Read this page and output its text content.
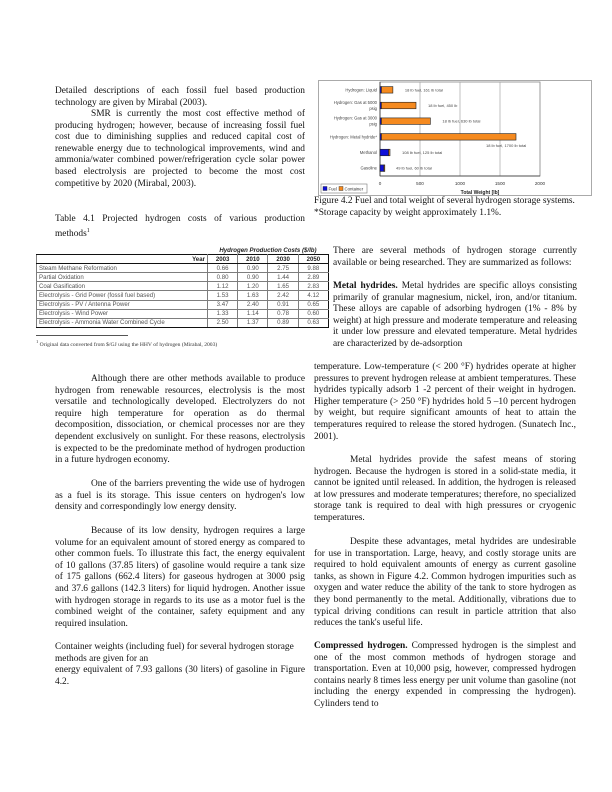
Detailed descriptions of each fossil fuel based production technology are given by Mirabal (2003).
SMR is currently the most cost effective method of producing hydrogen; however, because of increasing fossil fuel cost due to diminishing supplies and reduced capital cost of renewable energy due to technological improvements, wind and ammonia/water combined power/refrigeration cycle solar power based electrolysis are projected to become the most cost competitive by 2020 (Mirabal, 2003).
Table 4.1 Projected hydrogen costs of various production methods$^1$
	Hydrogen Production Costs ($/lb)			
Year	2003	2010	2030	2050
Steam Methane Reformation	0.66	0.90	2.75	9.88
Partial Oxidation	0.80	0.90	1.44	2.89
Coal Gasification	1.12	1.20	1.65	2.83
Electrolysis - Grid Power (fossil fuel based)	1.53	1.63	2.42	4.12
Electrolysis - PV / Antenna Power	3.47	2.40	0.91	0.65
Electrolysis - Wind Power	1.33	1.14	0.78	0.60
Electrolysis - Ammonia Water Combined Cycle	2.50	1.37	0.89	0.63
$^1$ Original data converted from $/GJ using the HHV of hydrogen (Mirabal, 2003)
Although there are other methods available to produce hydrogen from renewable resources, electrolysis is the most versatile and technologically developed. Electrolyzers do not require high temperature for operation as do thermal decomposition, dissociation, or chemical processes nor are they dependent exclusively on sunlight. For these reasons, electrolysis is expected to be the predominate method of hydrogen production in a future hydrogen economy.
One of the barriers preventing the wide use of hydrogen as a fuel is its storage. This issue centers on hydrogen's low density and correspondingly low energy density.
Because of its low density, hydrogen requires a large volume for an equivalent amount of stored energy as compared to other common fuels. To illustrate this fact, the energy equivalent of 10 gallons (37.85 liters) of gasoline would require a tank size of 175 gallons (662.4 liters) for gaseous hydrogen at 3000 psig and 37.6 gallons (142.3 liters) for liquid hydrogen. Another issue with hydrogen storage in regards to its use as a motor fuel is the combined weight of the container, safety equipment and any required insulation.
Container weights (including fuel) for several hydrogen storage methods are given for an
energy equivalent of 7.93 gallons (30 liters) of gasoline in Figure 4.2.
0	500	1000	1500	2000
Total Weight [lb]
Hydrogen: Liquid	18 lb fuel, 161 lb total
Hydrogen: Gas at 5000
psig
18 lb fuel, 450 lb
Hydrogen: Gas at 3000
psig
18 lb fuel, 630 lb total
Hydrogen: Metal hydride*
18 lb fuel, 1700 lb total
Methanol	108 lb fuel, 125 lb total
Gasoline	49 lb fuel, 60 lb total
Fuel Container
Figure 4.2 Fuel and total weight of several hydrogen storage systems.
*Storage capacity by weight approximately 1.1%.
There are several methods of hydrogen storage currently available or being researched. They are summarized as follows:
Metal hydrides. Metal hydrides are specific alloys consisting primarily of granular magnesium, nickel, iron, and/or titanium. These alloys are capable of adsorbing hydrogen (1% - 8% by weight) at high pressure and moderate temperature and releasing it under low pressure and elevated temperature. Metal hydrides are characterized by de-adsorption
temperature. Low-temperature (< 200 °F) hydrides operate at higher pressures to prevent hydrogen release at ambient temperatures. These hydrides typically adsorb 1 -2 percent of their weight in hydrogen. Higher temperature (> 250 °F) hydrides hold 5 –10 percent hydrogen by weight, but require significant amounts of heat to attain the temperatures required to release the stored hydrogen. (Sunatech Inc., 2001).
Metal hydrides provide the safest means of storing hydrogen. Because the hydrogen is stored in a solid-state media, it cannot be ignited until released. In addition, the hydrogen is released at low pressures and moderate temperatures; therefore, no specialized storage tank is required to deal with high pressures or cryogenic temperatures.
Despite these advantages, metal hydrides are undesirable for use in transportation. Large, heavy, and costly storage units are required to hold equivalent amounts of energy as current gasoline tanks, as shown in Figure 4.2. Common hydrogen impurities such as oxygen and water reduce the ability of the tank to store hydrogen as they bond permanently to the metal. Additionally, vibrations due to typical driving conditions can result in particle attrition that also reduces the tank's useful life.
Compressed hydrogen. Compressed hydrogen is the simplest and one of the most common methods of hydrogen storage and transportation. Even at 10,000 psig, however, compressed hydrogen contains nearly 8 times less energy per unit volume than gasoline (not including the energy expended in compressing the hydrogen). Cylinders tend to
